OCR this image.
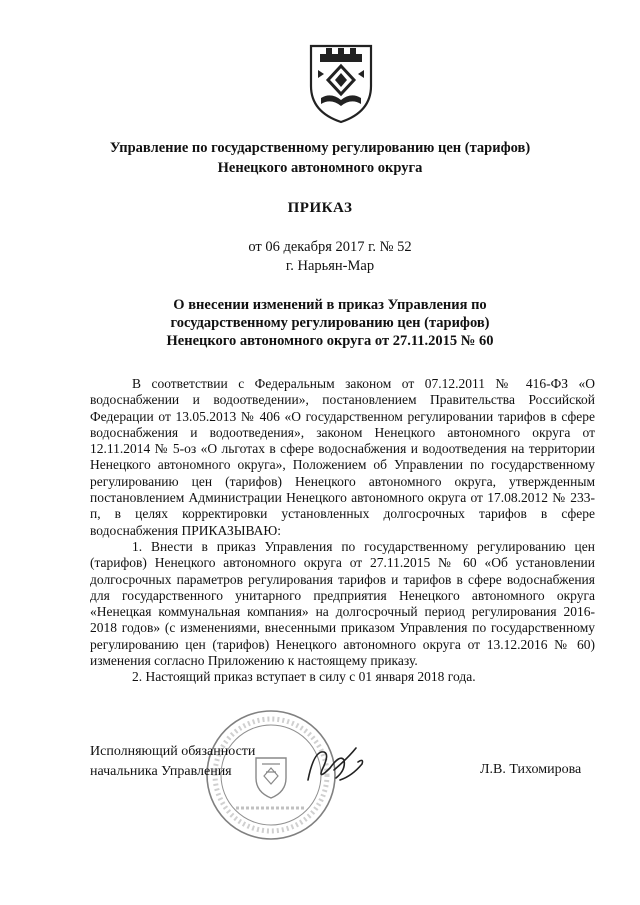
Управление по государственному регулированию цен (тарифов)
Ненецкого автономного округа
ПРИКАЗ
от 06 декабря 2017 г. № 52
г. Нарьян-Мар
О внесении изменений в приказ Управления по
государственному регулированию цен (тарифов)
Ненецкого автономного округа от 27.11.2015 № 60

В соответствии с Федеральным законом от 07.12.2011 № 416-ФЗ «О водоснабжении и водоотведении», постановлением Правительства Российской Федерации от 13.05.2013 № 406 «О государственном регулировании тарифов в сфере водоснабжения и водоотведения», законом Ненецкого автономного округа от 12.11.2014 № 5-оз «О льготах в сфере водоснабжения и водоотведения на территории Ненецкого автономного округа», Положением об Управлении по государственному регулированию цен (тарифов) Ненецкого автономного округа, утвержденным постановлением Администрации Ненецкого автономного округа от 17.08.2012 № 233-п, в целях корректировки установленных долгосрочных тарифов в сфере водоснабжения ПРИКАЗЫВАЮ:

1. Внести в приказ Управления по государственному регулированию цен (тарифов) Ненецкого автономного округа от 27.11.2015 № 60 «Об установлении долгосрочных параметров регулирования тарифов и тарифов в сфере водоснабжения для государственного унитарного предприятия Ненецкого автономного округа «Ненецкая коммунальная компания» на долгосрочный период регулирования 2016-2018 годов» (с изменениями, внесенными приказом Управления по государственному регулированию цен (тарифов) Ненецкого автономного округа от 13.12.2016 № 60) изменения согласно Приложению к настоящему приказу.

2. Настоящий приказ вступает в силу с 01 января 2018 года.

Исполняющий обязанности
начальника Управления	Л.В. Тихомирова
